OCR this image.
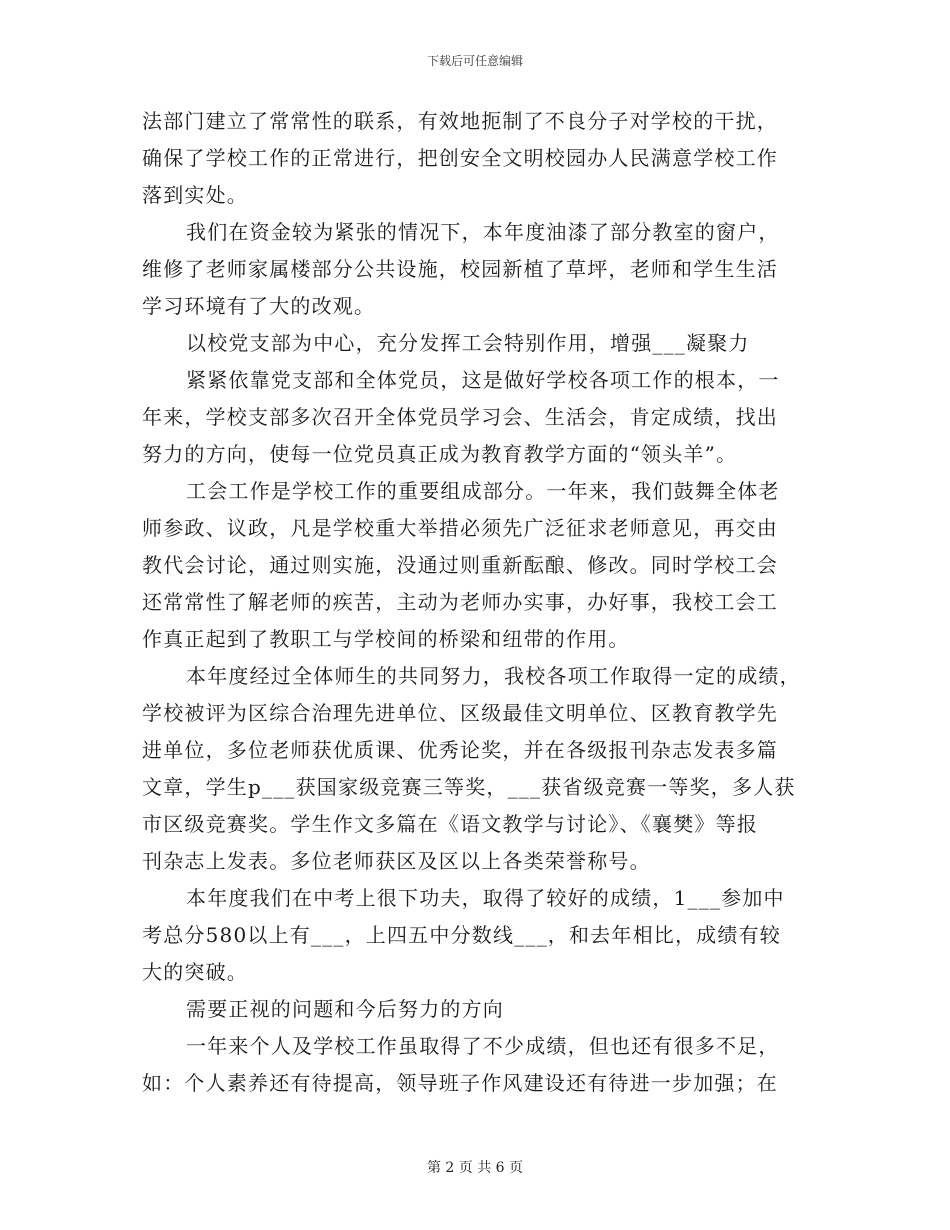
下载后可任意编辑
法部门建立了常常性的联系，有效地扼制了不良分子对学校的干扰，
确保了学校工作的正常进行，把创安全文明校园办人民满意学校工作
落到实处。
我们在资金较为紧张的情况下，本年度油漆了部分教室的窗户，
维修了老师家属楼部分公共设施，校园新植了草坪，老师和学生生活
学习环境有了大的改观。
以校党支部为中心，充分发挥工会特别作用，增强___凝聚力
紧紧依靠党支部和全体党员，这是做好学校各项工作的根本，一
年来，学校支部多次召开全体党员学习会、生活会，肯定成绩，找出
努力的方向，使每一位党员真正成为教育教学方面的“领头羊”。
工会工作是学校工作的重要组成部分。一年来，我们鼓舞全体老
师参政、议政，凡是学校重大举措必须先广泛征求老师意见，再交由
教代会讨论，通过则实施，没通过则重新酝酿、修改。同时学校工会
还常常性了解老师的疾苦，主动为老师办实事，办好事，我校工会工
作真正起到了教职工与学校间的桥梁和纽带的作用。
本年度经过全体师生的共同努力，我校各项工作取得一定的成绩，
学校被评为区综合治理先进单位、区级最佳文明单位、区教育教学先
进单位，多位老师获优质课、优秀论奖，并在各级报刊杂志发表多篇
文章，学生p___获国家级竞赛三等奖，___获省级竞赛一等奖，多人获
市区级竞赛奖。学生作文多篇在《语文教学与讨论》、《襄樊》等报
刊杂志上发表。多位老师获区及区以上各类荣誉称号。
本年度我们在中考上很下功夫，取得了较好的成绩，1___参加中
考总分580以上有___，上四五中分数线___，和去年相比，成绩有较
大的突破。
需要正视的问题和今后努力的方向
一年来个人及学校工作虽取得了不少成绩，但也还有很多不足，
如：个人素养还有待提高，领导班子作风建设还有待进一步加强；在
第 2 页 共 6 页
